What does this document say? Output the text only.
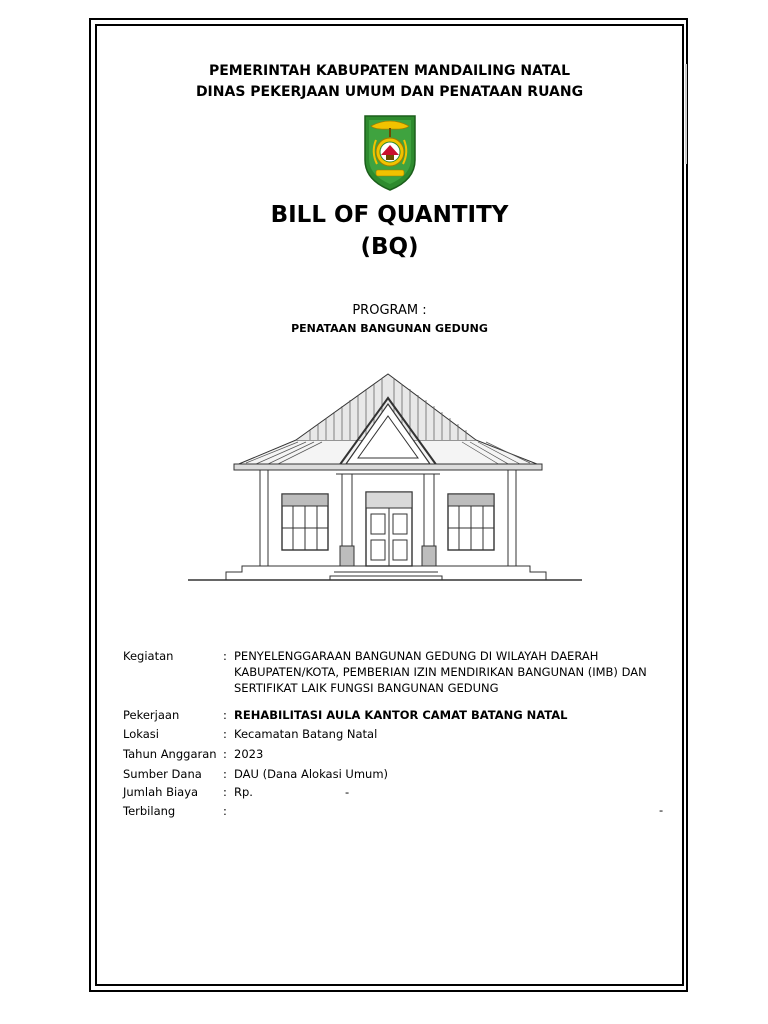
PEMERINTAH KABUPATEN MANDAILING NATAL
DINAS PEKERJAAN UMUM DAN PENATAAN RUANG
BILL OF QUANTITY
(BQ)
PROGRAM :
PENATAAN BANGUNAN GEDUNG
Kegiatan	: PENYELENGGARAAN BANGUNAN GEDUNG DI WILAYAH DAERAH
KABUPATEN/KOTA, PEMBERIAN IZIN MENDIRIKAN BANGUNAN (IMB) DAN
SERTIFIKAT LAIK FUNGSI BANGUNAN GEDUNG
Pekerjaan	: REHABILITASI AULA KANTOR CAMAT BATANG NATAL
Lokasi	: Kecamatan Batang Natal
Tahun Anggaran : 2023
Sumber Dana : DAU (Dana Alokasi Umum)
Jumlah Biaya : Rp.	-
Terbilang	:	-
